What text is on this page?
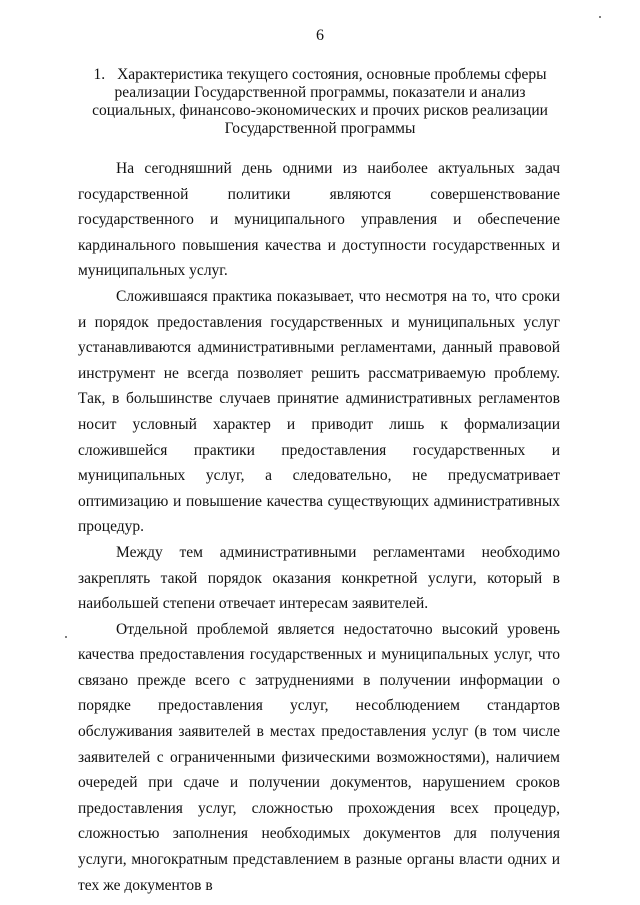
6
1. Характеристика текущего состояния, основные проблемы сферы реализации Государственной программы, показатели и анализ социальных, финансово-экономических и прочих рисков реализации Государственной программы

На сегодняшний день одними из наиболее актуальных задач государственной политики являются совершенствование государственного и муниципального управления и обеспечение кардинального повышения качества и доступности государственных и муниципальных услуг.

Сложившаяся практика показывает, что несмотря на то, что сроки и порядок предоставления государственных и муниципальных услуг устанавливаются административными регламентами, данный правовой инструмент не всегда позволяет решить рассматриваемую проблему. Так, в большинстве случаев принятие административных регламентов носит условный характер и приводит лишь к формализации сложившейся практики предоставления государственных и муниципальных услуг, а следовательно, не предусматривает оптимизацию и повышение качества существующих административных процедур.

Между тем административными регламентами необходимо закреплять такой порядок оказания конкретной услуги, который в наибольшей степени отвечает интересам заявителей.

Отдельной проблемой является недостаточно высокий уровень качества предоставления государственных и муниципальных услуг, что связано прежде всего с затруднениями в получении информации о порядке предоставления услуг, несоблюдением стандартов обслуживания заявителей в местах предоставления услуг (в том числе заявителей с ограниченными физическими возможностями), наличием очередей при сдаче и получении документов, нарушением сроков предоставления услуг, сложностью прохождения всех процедур, сложностью заполнения необходимых документов для получения услуги, многократным представлением в разные органы власти одних и тех же документов в
